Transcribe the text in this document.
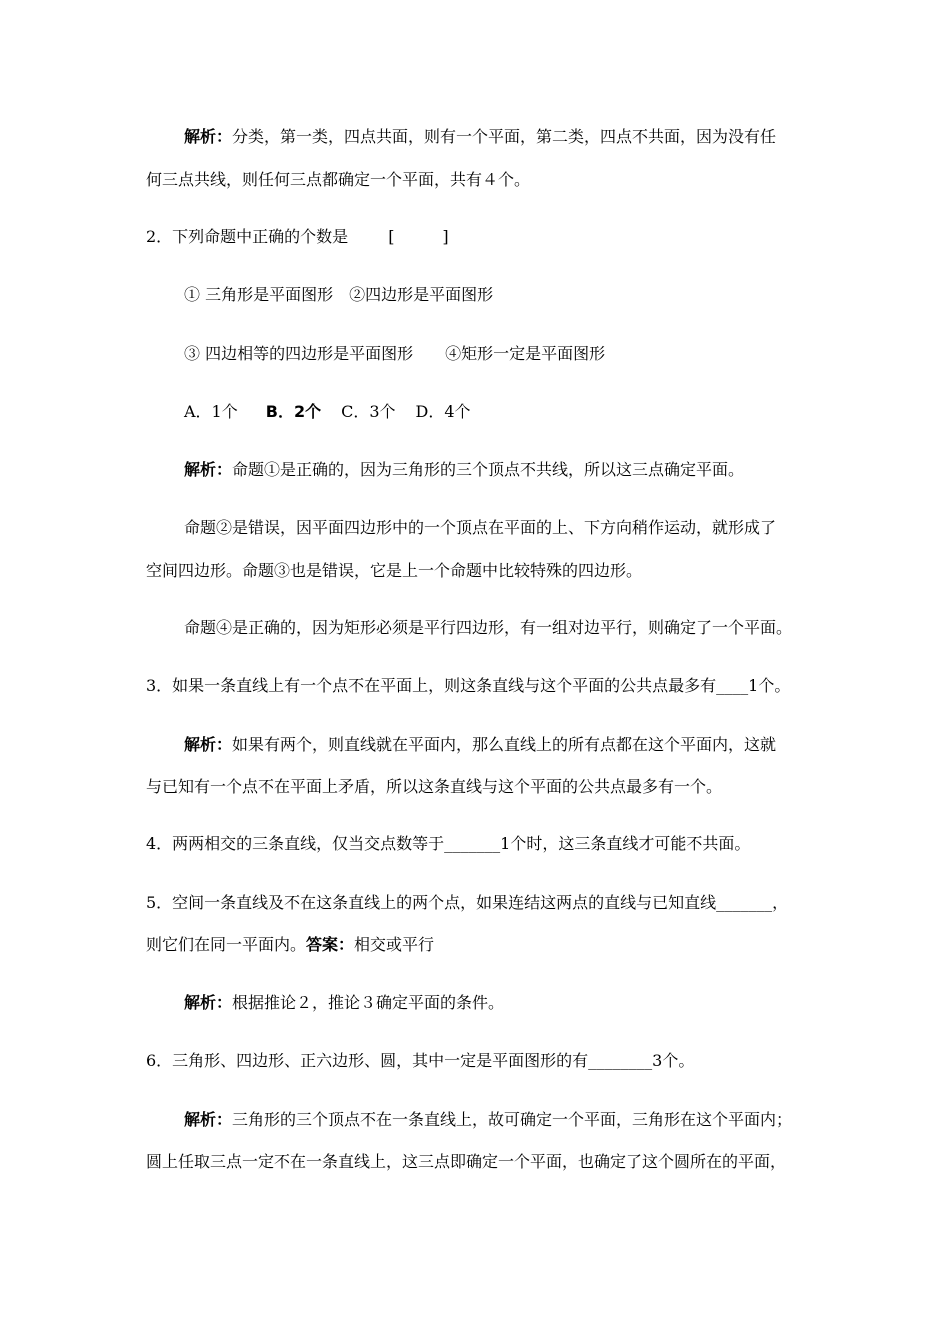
解析：分类，第一类，四点共面，则有一个平面，第二类，四点不共面，因为没有任
何三点共线，则任何三点都确定一个平面，共有４个。
2．下列命题中正确的个数是	[　　　]
① 三角形是平面图形　②四边形是平面图形
③ 四边相等的四边形是平面图形　　④矩形一定是平面图形
A．1个 B．2个 C．3个 D．4个
解析：命题①是正确的，因为三角形的三个顶点不共线，所以这三点确定平面。
命题②是错误，因平面四边形中的一个顶点在平面的上、下方向稍作运动，就形成了
空间四边形。命题③也是错误，它是上一个命题中比较特殊的四边形。
命题④是正确的，因为矩形必须是平行四边形，有一组对边平行，则确定了一个平面。
3．如果一条直线上有一个点不在平面上，则这条直线与这个平面的公共点最多有____1个。
解析：如果有两个，则直线就在平面内，那么直线上的所有点都在这个平面内，这就
与已知有一个点不在平面上矛盾，所以这条直线与这个平面的公共点最多有一个。
4．两两相交的三条直线，仅当交点数等于_______1个时，这三条直线才可能不共面。
5．空间一条直线及不在这条直线上的两个点，如果连结这两点的直线与已知直线_______，
则它们在同一平面内。答案：相交或平行
解析：根据推论２，推论３确定平面的条件。
6．三角形、四边形、正六边形、圆，其中一定是平面图形的有________3个。
解析：三角形的三个顶点不在一条直线上，故可确定一个平面，三角形在这个平面内；
圆上任取三点一定不在一条直线上，这三点即确定一个平面，也确定了这个圆所在的平面，
